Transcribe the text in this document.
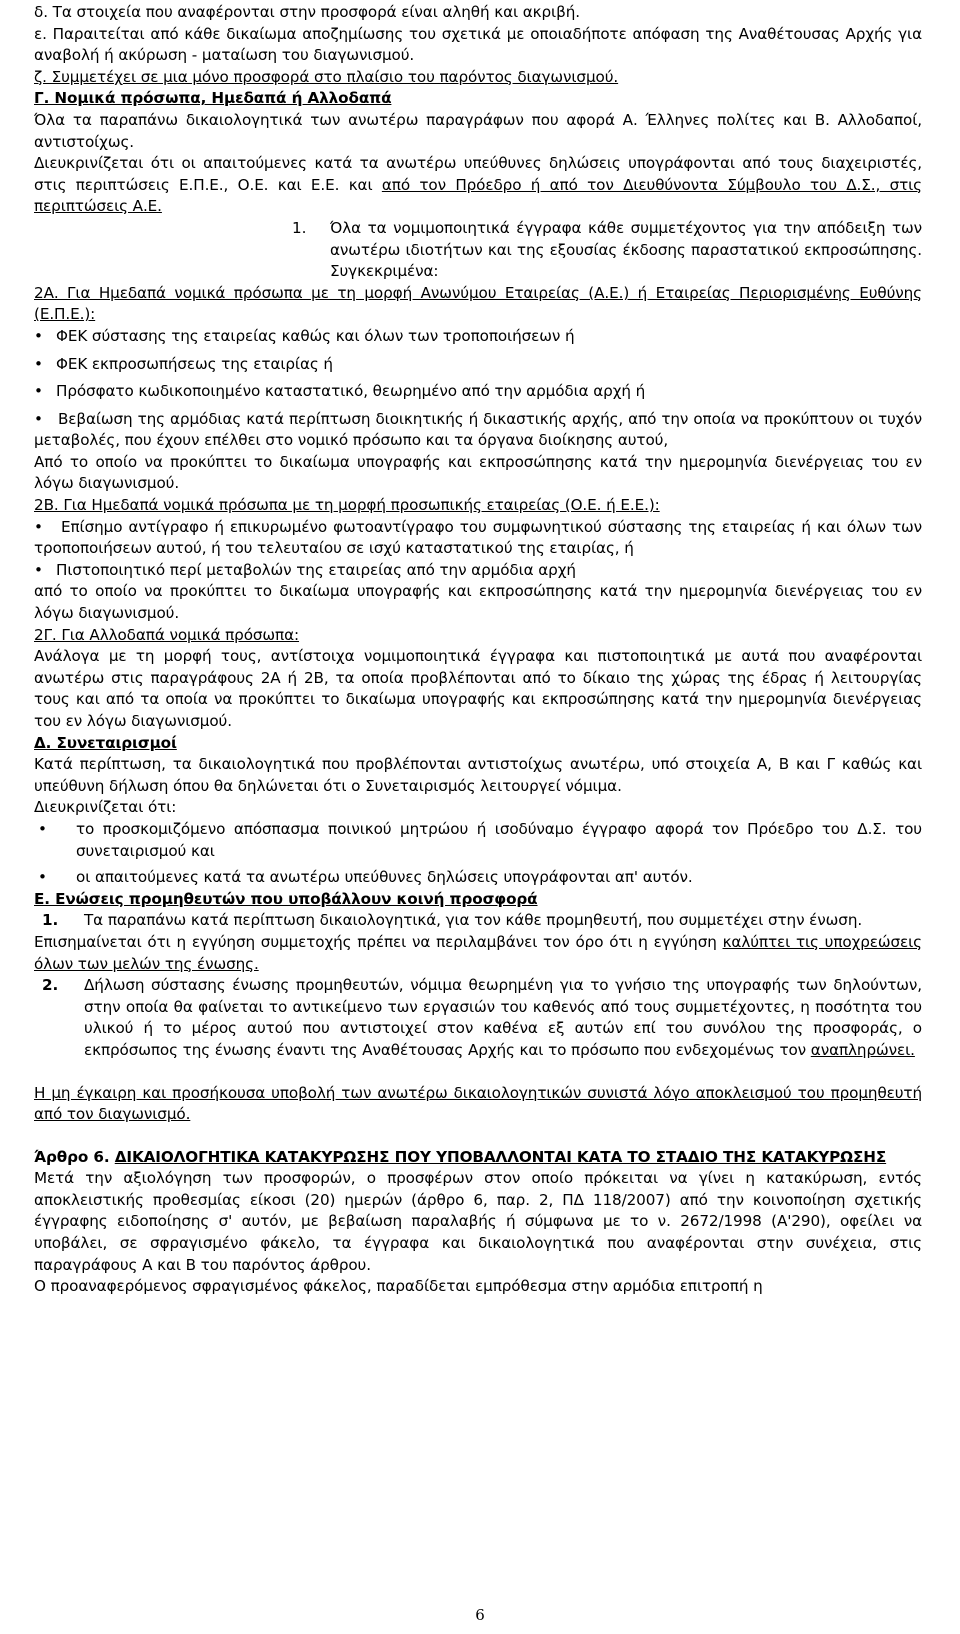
δ. Τα στοιχεία που αναφέρονται στην προσφορά είναι αληθή και ακριβή.

ε. Παραιτείται από κάθε δικαίωμα αποζημίωσης του σχετικά με οποιαδήποτε απόφαση της Αναθέτουσας Αρχής για αναβολή ή ακύρωση - ματαίωση του διαγωνισμού.

ζ. Συμμετέχει σε μια μόνο προσφορά στο πλαίσιο του παρόντος διαγωνισμού.

Γ. Νομικά πρόσωπα, Ημεδαπά ή Αλλοδαπά

Όλα τα παραπάνω δικαιολογητικά των ανωτέρω παραγράφων που αφορά Α. Έλληνες πολίτες και Β. Αλλοδαποί, αντιστοίχως.

Διευκρινίζεται ότι οι απαιτούμενες κατά τα ανωτέρω υπεύθυνες δηλώσεις υπογράφονται από τους διαχειριστές, στις περιπτώσεις Ε.Π.Ε., Ο.Ε. και Ε.Ε. και από τον Πρόεδρο ή από τον Διευθύνοντα Σύμβουλο του Δ.Σ., στις περιπτώσεις Α.Ε.

1.	Όλα τα νομιμοποιητικά έγγραφα κάθε συμμετέχοντος για την απόδειξη των ανωτέρω ιδιοτήτων και της εξουσίας έκδοσης παραστατικού εκπροσώπησης. Συγκεκριμένα:

2Α. Για Ημεδαπά νομικά πρόσωπα με τη μορφή Ανωνύμου Εταιρείας (Α.Ε.) ή Εταιρείας Περιορισμένης Ευθύνης (Ε.Π.Ε.):

• ΦΕΚ σύστασης της εταιρείας καθώς και όλων των τροποποιήσεων ή
• ΦΕΚ εκπροσωπήσεως της εταιρίας ή
• Πρόσφατο κωδικοποιημένο καταστατικό, θεωρημένο από την αρμόδια αρχή ή

• Βεβαίωση της αρμόδιας κατά περίπτωση διοικητικής ή δικαστικής αρχής, από την οποία να προκύπτουν οι τυχόν μεταβολές, που έχουν επέλθει στο νομικό πρόσωπο και τα όργανα διοίκησης αυτού,

Από το οποίο να προκύπτει το δικαίωμα υπογραφής και εκπροσώπησης κατά την ημερομηνία διενέργειας του εν λόγω διαγωνισμού.

2Β. Για Ημεδαπά νομικά πρόσωπα με τη μορφή προσωπικής εταιρείας (Ο.Ε. ή Ε.Ε.):

• Επίσημο αντίγραφο ή επικυρωμένο φωτοαντίγραφο του συμφωνητικού σύστασης της εταιρείας ή και όλων των τροποποιήσεων αυτού, ή του τελευταίου σε ισχύ καταστατικού της εταιρίας, ή

• Πιστοποιητικό περί μεταβολών της εταιρείας από την αρμόδια αρχή

από το οποίο να προκύπτει το δικαίωμα υπογραφής και εκπροσώπησης κατά την ημερομηνία διενέργειας του εν λόγω διαγωνισμού.

2Γ. Για Αλλοδαπά νομικά πρόσωπα:

Ανάλογα με τη μορφή τους, αντίστοιχα νομιμοποιητικά έγγραφα και πιστοποιητικά με αυτά που αναφέρονται ανωτέρω στις παραγράφους 2Α ή 2Β, τα οποία προβλέπονται από το δίκαιο της χώρας της έδρας ή λειτουργίας τους και από τα οποία να προκύπτει το δικαίωμα υπογραφής και εκπροσώπησης κατά την ημερομηνία διενέργειας του εν λόγω διαγωνισμού.

Δ. Συνεταιρισμοί

Κατά περίπτωση, τα δικαιολογητικά που προβλέπονται αντιστοίχως ανωτέρω, υπό στοιχεία Α, Β και Γ καθώς και υπεύθυνη δήλωση όπου θα δηλώνεται ότι ο Συνεταιρισμός λειτουργεί νόμιμα.

Διευκρινίζεται ότι:

•	το προσκομιζόμενο απόσπασμα ποινικού μητρώου ή ισοδύναμο έγγραφο αφορά τον Πρόεδρο του Δ.Σ. του συνεταιρισμού και
•	οι απαιτούμενες κατά τα ανωτέρω υπεύθυνες δηλώσεις υπογράφονται απ' αυτόν.

Ε. Ενώσεις προμηθευτών που υποβάλλουν κοινή προσφορά

1.	Τα παραπάνω κατά περίπτωση δικαιολογητικά, για τον κάθε προμηθευτή, που συμμετέχει στην ένωση.

Επισημαίνεται ότι η εγγύηση συμμετοχής πρέπει να περιλαμβάνει τον όρο ότι η εγγύηση καλύπτει τις υποχρεώσεις όλων των μελών της ένωσης.

2.	Δήλωση σύστασης ένωσης προμηθευτών, νόμιμα θεωρημένη για το γνήσιο της υπογραφής των δηλούντων, στην οποία θα φαίνεται το αντικείμενο των εργασιών του καθενός από τους συμμετέχοντες, η ποσότητα του υλικού ή το μέρος αυτού που αντιστοιχεί στον καθένα εξ αυτών επί του συνόλου της προσφοράς, ο εκπρόσωπος της ένωσης έναντι της Αναθέτουσας Αρχής και το πρόσωπο που ενδεχομένως τον αναπληρώνει.

Η μη έγκαιρη και προσήκουσα υποβολή των ανωτέρω δικαιολογητικών συνιστά λόγο αποκλεισμού του προμηθευτή από τον διαγωνισμό.

Άρθρο 6. ΔΙΚΑΙΟΛΟΓΗΤΙΚΑ ΚΑΤΑΚΥΡΩΣΗΣ ΠΟΥ ΥΠΟΒΑΛΛΟΝΤΑΙ ΚΑΤΑ ΤΟ ΣΤΑΔΙΟ ΤΗΣ ΚΑΤΑΚΥΡΩΣΗΣ

Μετά την αξιολόγηση των προσφορών, ο προσφέρων στον οποίο πρόκειται να γίνει η κατακύρωση, εντός αποκλειστικής προθεσμίας είκοσι (20) ημερών (άρθρο 6, παρ. 2, ΠΔ 118/2007) από την κοινοποίηση σχετικής έγγραφης ειδοποίησης σ' αυτόν, με βεβαίωση παραλαβής ή σύμφωνα με το ν. 2672/1998 (Α'290), οφείλει να υποβάλει, σε σφραγισμένο φάκελο, τα έγγραφα και δικαιολογητικά που αναφέρονται στην συνέχεια, στις παραγράφους Α και Β του παρόντος άρθρου.

Ο προαναφερόμενος σφραγισμένος φάκελος, παραδίδεται εμπρόθεσμα στην αρμόδια επιτροπή η

6
